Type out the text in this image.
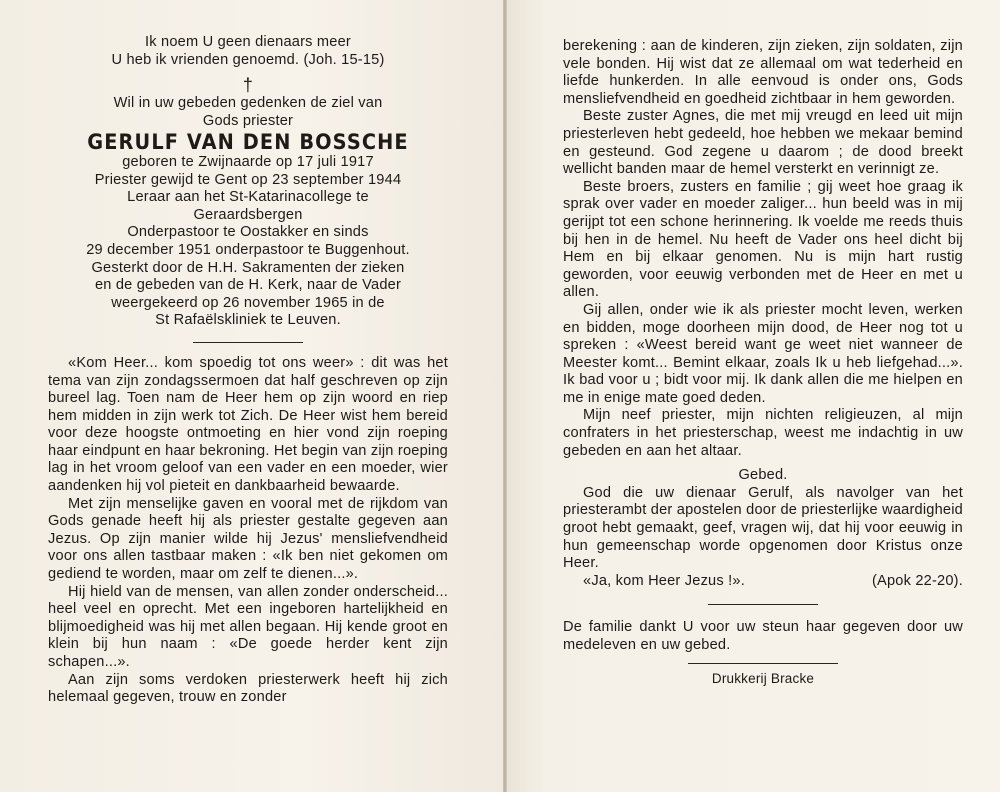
Ik noem U geen dienaars meer
U heb ik vrienden genoemd. (Joh. 15-15)
†
Wil in uw gebeden gedenken de ziel van
Gods priester
GERULF VAN DEN BOSSCHE
geboren te Zwijnaarde op 17 juli 1917
Priester gewijd te Gent op 23 september 1944
Leraar aan het St-Katarinacollege te
Geraardsbergen
Onderpastoor te Oostakker en sinds
29 december 1951 onderpastoor te Buggenhout.
Gesterkt door de H.H. Sakramenten der zieken
en de gebeden van de H. Kerk, naar de Vader
weergekeerd op 26 november 1965 in de
St Rafaëlskliniek te Leuven.

«Kom Heer... kom spoedig tot ons weer» : dit was het tema van zijn zondagssermoen dat half geschreven op zijn bureel lag. Toen nam de Heer hem op zijn woord en riep hem midden in zijn werk tot Zich. De Heer wist hem bereid voor deze hoogste ontmoeting en hier vond zijn roeping haar eindpunt en haar bekroning. Het begin van zijn roeping lag in het vroom geloof van een vader en een moeder, wier aandenken hij vol pieteit en dankbaarheid bewaarde.

Met zijn menselijke gaven en vooral met de rijkdom van Gods genade heeft hij als priester gestalte gegeven aan Jezus. Op zijn manier wilde hij Jezus' mensliefvendheid voor ons allen tastbaar maken : «Ik ben niet gekomen om gediend te worden, maar om zelf te dienen...».

Hij hield van de mensen, van allen zonder onderscheid... heel veel en oprecht. Met een ingeboren hartelijkheid en blijmoedigheid was hij met allen begaan. Hij kende groot en klein bij hun naam : «De goede herder kent zijn schapen...».

Aan zijn soms verdoken priesterwerk heeft hij zich helemaal gegeven, trouw en zonder

berekening : aan de kinderen, zijn zieken, zijn soldaten, zijn vele bonden. Hij wist dat ze allemaal om wat tederheid en liefde hunkerden. In alle eenvoud is onder ons, Gods mensliefvendheid en goedheid zichtbaar in hem geworden.

Beste zuster Agnes, die met mij vreugd en leed uit mijn priesterleven hebt gedeeld, hoe hebben we mekaar bemind en gesteund. God zegene u daarom ; de dood breekt wellicht banden maar de hemel versterkt en verinnigt ze.

Beste broers, zusters en familie ; gij weet hoe graag ik sprak over vader en moeder zaliger... hun beeld was in mij gerijpt tot een schone herinnering. Ik voelde me reeds thuis bij hen in de hemel. Nu heeft de Vader ons heel dicht bij Hem en bij elkaar genomen. Nu is mijn hart rustig geworden, voor eeuwig verbonden met de Heer en met u allen.

Gij allen, onder wie ik als priester mocht leven, werken en bidden, moge doorheen mijn dood, de Heer nog tot u spreken : «Weest bereid want ge weet niet wanneer de Meester komt... Bemint elkaar, zoals Ik u heb liefgehad...». Ik bad voor u ; bidt voor mij. Ik dank allen die me hielpen en me in enige mate goed deden.

Mijn neef priester, mijn nichten religieuzen, al mijn confraters in het priesterschap, weest me indachtig in uw gebeden en aan het altaar.

Gebed.

God die uw dienaar Gerulf, als navolger van het priesterambt der apostelen door de priesterlijke waardigheid groot hebt gemaakt, geef, vragen wij, dat hij voor eeuwig in hun gemeenschap worde opgenomen door Kristus onze Heer.

«Ja, kom Heer Jezus !».	(Apok 22-20).

De familie dankt U voor uw steun haar gegeven door uw medeleven en uw gebed.

Drukkerij Bracke
